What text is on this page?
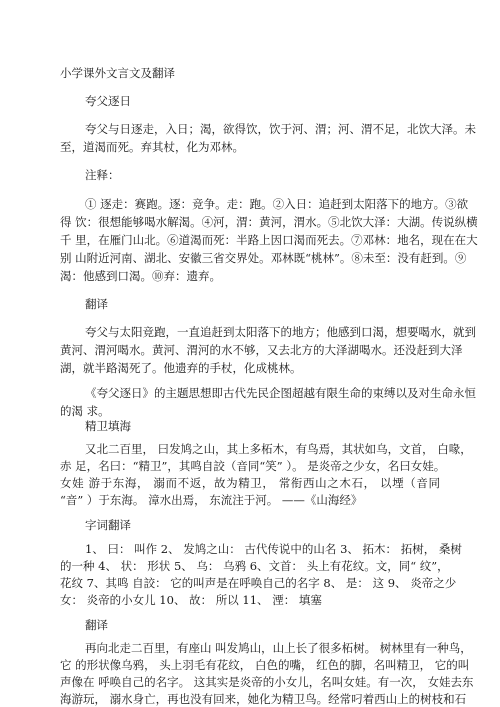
小学课外文言文及翻译
夸父逐日
夸父与日逐走，入日；渴，欲得饮，饮于河、渭；河、渭不足，北饮大泽。未
至，道渴而死。弃其杖，化为邓林。
注释：
① 逐走：赛跑。逐：竞争。走：跑。②入日：追赶到太阳落下的地方。③欲
得 饮：很想能够喝水解渴。④河，渭：黄河，渭水。⑤北饮大泽：大湖。传说纵横
千 里，在雁门山北。⑥道渴而死：半路上因口渴而死去。⑦邓林：地名，现在在大
别 山附近河南、湖北、安徽三省交界处。邓林既“桃林”。⑧未至：没有赶到。⑨
渴：他感到口渴。⑩弃：遗弃。
翻译
夸父与太阳竞跑，一直追赶到太阳落下的地方；他感到口渴，想要喝水，就到
黄河、渭河喝水。黄河、渭河的水不够，又去北方的大泽湖喝水。还没赶到大泽
湖，就半路渴死了。他遗弃的手杖，化成桃林。
《夸父逐日》的主题思想即古代先民企图超越有限生命的束缚以及对生命永恒
的渴 求。
精卫填海
又北二百里， 曰发鸠之山，其上多柘木，有鸟焉，其状如乌，文首， 白喙，
赤 足，名曰：“精卫”，其鸣自詨（音同“笑” ）。 是炎帝之少女，名曰女娃。
女娃 游于东海， 溺而不返，故为精卫， 常衔西山之木石， 以堙（音同
“音” ）于东海。 漳水出焉， 东流注于河。 ——《山海经》
字词翻译
1、 曰： 叫作 2、 发鸠之山： 古代传说中的山名 3、 拓木： 拓树， 桑树
的一种 4、 状： 形状 5、 乌： 乌鸦 6、文首： 头上有花纹。文，同“ 纹”，
花纹 7、其鸣 自詨： 它的叫声是在呼唤自己的名字 8、 是： 这 9、 炎帝之少
女： 炎帝的小女儿 10、 故： 所以 11、 湮： 填塞
翻译
再向北走二百里，有座山 叫发鸠山，山上长了很多柘树。 树林里有一种鸟，
它 的形状像乌鸦， 头上羽毛有花纹， 白色的嘴， 红色的脚，名叫精卫， 它的叫
声像在 呼唤自己的名字。 这其实是炎帝的小女儿，名叫女娃。有一次， 女娃去东
海游玩， 溺水身亡，再也没有回来，她化为精卫鸟。经常叼着西山上的树枝和石
